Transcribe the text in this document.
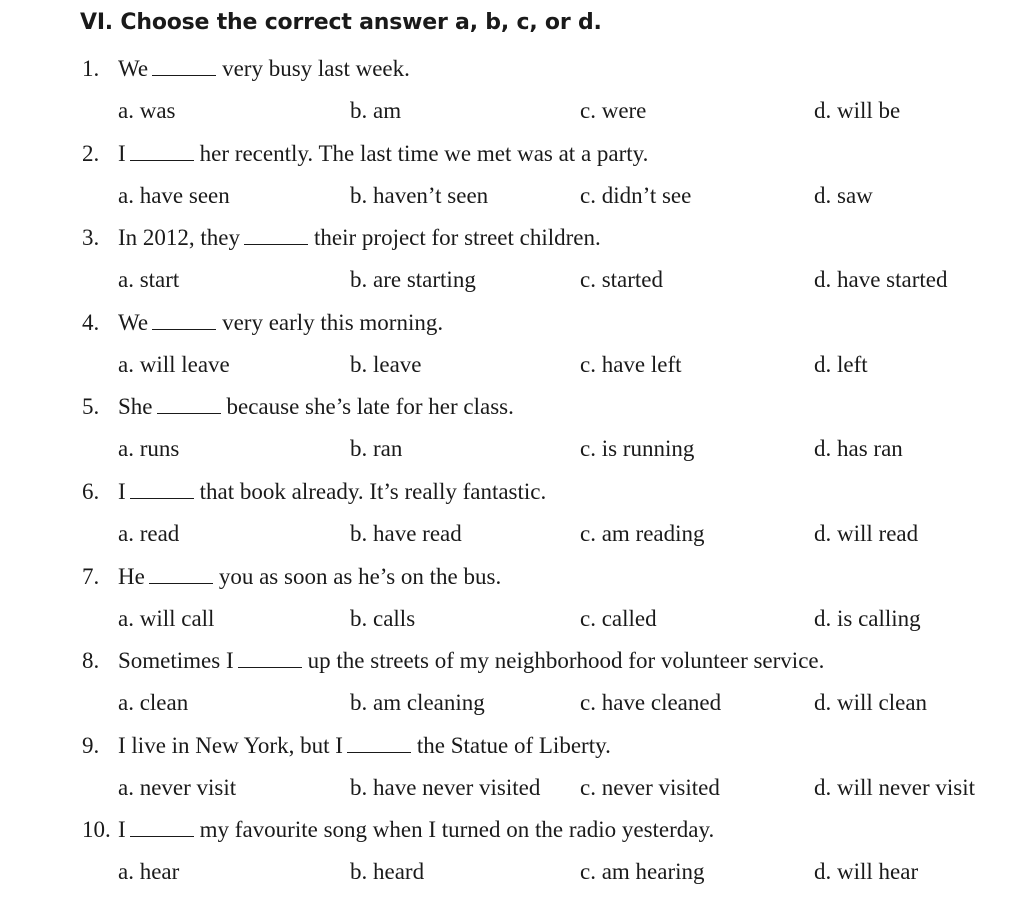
VI. Choose the correct answer a, b, c, or d.
1. We	very busy last week.
a. was	b. am	c. were	d. will be
2. I	her recently. The last time we met was at a party.
a. have seen	b. haven’t seen	c. didn’t see	d. saw
3. In 2012, they	their project for street children.
a. start	b. are starting	c. started	d. have started
4. We	very early this morning.
a. will leave	b. leave	c. have left	d. left
5. She	because she’s late for her class.
a. runs	b. ran	c. is running	d. has ran
6. I	that book already. It’s really fantastic.
a. read	b. have read	c. am reading	d. will read
7. He	you as soon as he’s on the bus.
a. will call	b. calls	c. called	d. is calling
8. Sometimes I	up the streets of my neighborhood for volunteer service.
a. clean	b. am cleaning	c. have cleaned	d. will clean
9. I live in New York, but I	the Statue of Liberty.
a. never visit	b. have never visited c. never visited	d. will never visit
10. I	my favourite song when I turned on the radio yesterday.
a. hear	b. heard	c. am hearing	d. will hear
